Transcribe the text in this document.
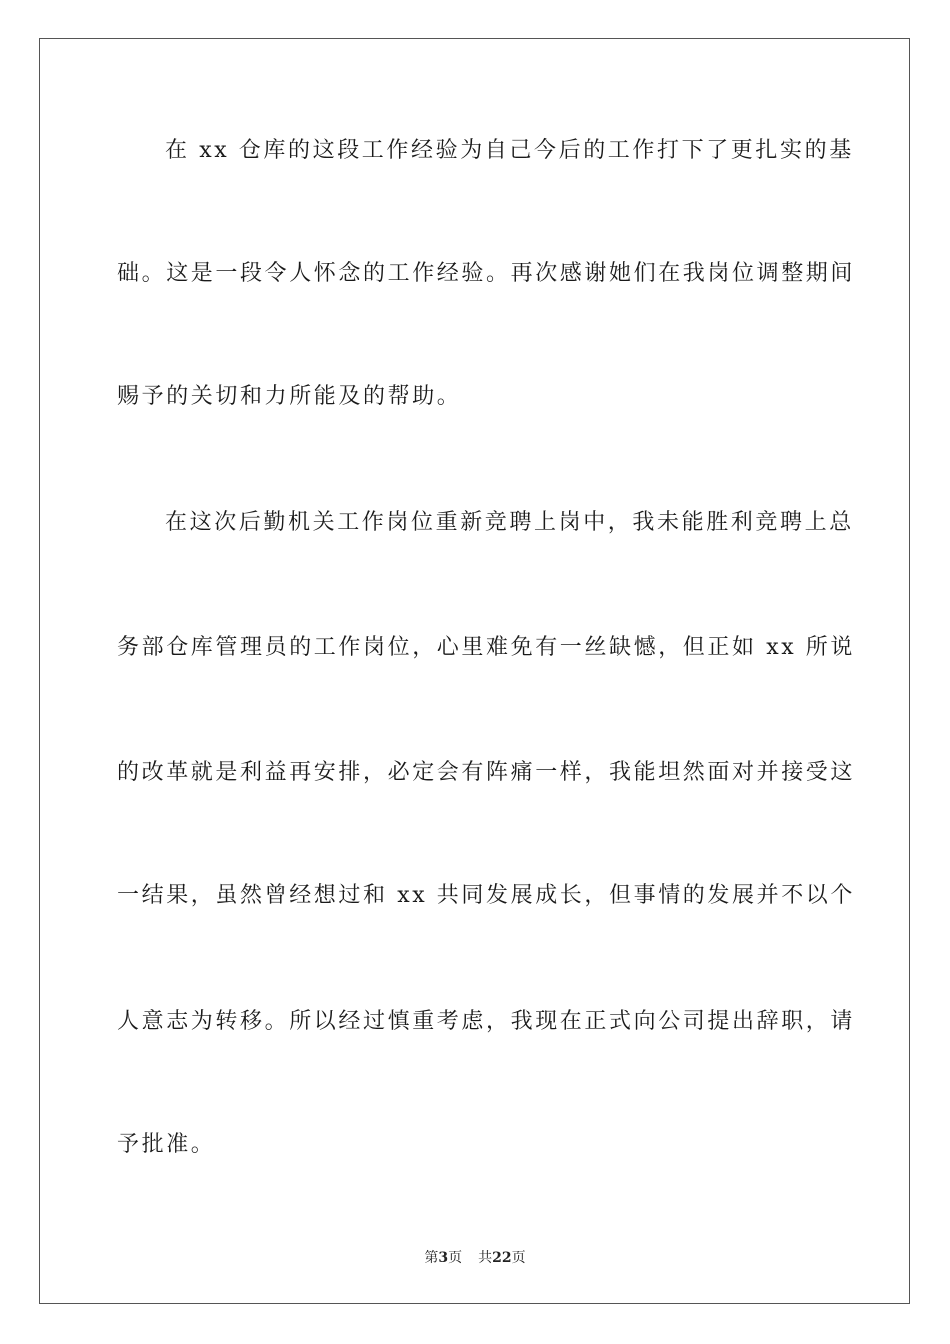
在 xx 仓库的这段工作经验为自己今后的工作打下了更扎实的基
础。这是一段令人怀念的工作经验。再次感谢她们在我岗位调整期间
赐予的关切和力所能及的帮助。
在这次后勤机关工作岗位重新竞聘上岗中，我未能胜利竞聘上总
务部仓库管理员的工作岗位，心里难免有一丝缺憾，但正如 xx 所说
的改革就是利益再安排，必定会有阵痛一样，我能坦然面对并接受这
一结果，虽然曾经想过和 xx 共同发展成长，但事情的发展并不以个
人意志为转移。所以经过慎重考虑，我现在正式向公司提出辞职，请
予批准。
第3页 共22页
